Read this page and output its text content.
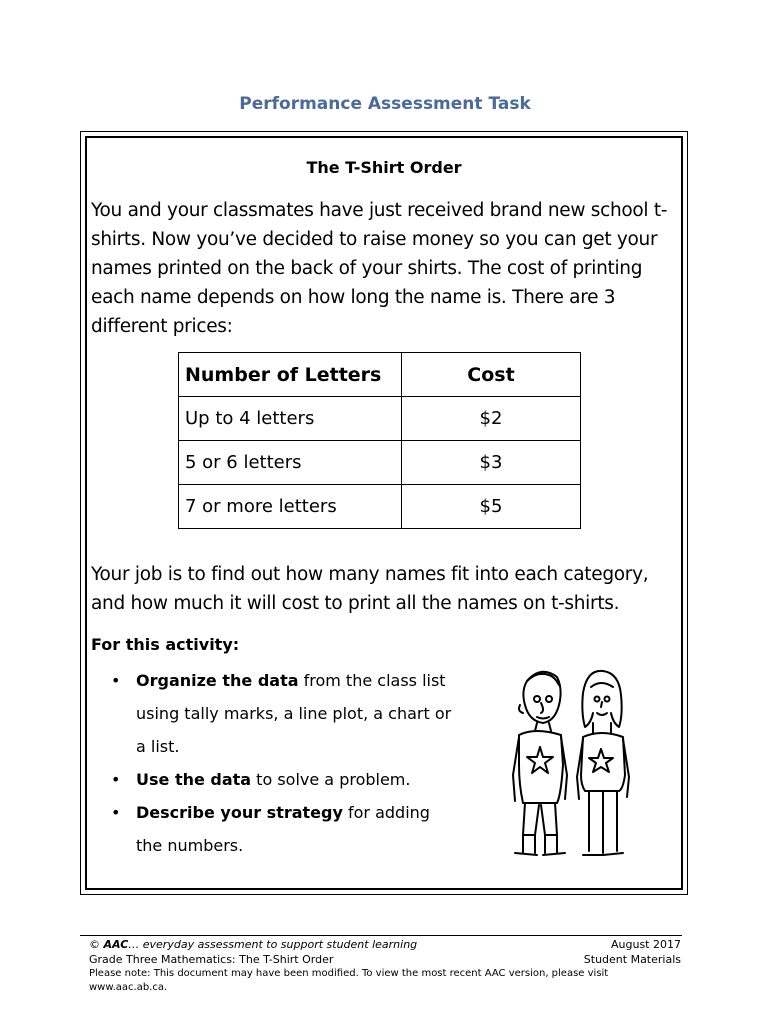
Performance Assessment Task
The T-Shirt Order
You and your classmates have just received brand new school t-shirts. Now you’ve decided to raise money so you can get your names printed on the back of your shirts. The cost of printing each name depends on how long the name is. There are 3 different prices:
Number of Letters	Cost
Up to 4 letters	$2
5 or 6 letters	$3
7 or more letters	$5
Your job is to find out how many names fit into each category, and how much it will cost to print all the names on t-shirts.
For this activity:
• Organize the data from the class list using tally marks, a line plot, a chart or a list.
• Use the data to solve a problem.
• Describe your strategy for adding the numbers.
© AAC… everyday assessment to support student learning	August 2017
Grade Three Mathematics: The T-Shirt Order	Student Materials
Please note: This document may have been modified. To view the most recent AAC version, please visit www.aac.ab.ca.
